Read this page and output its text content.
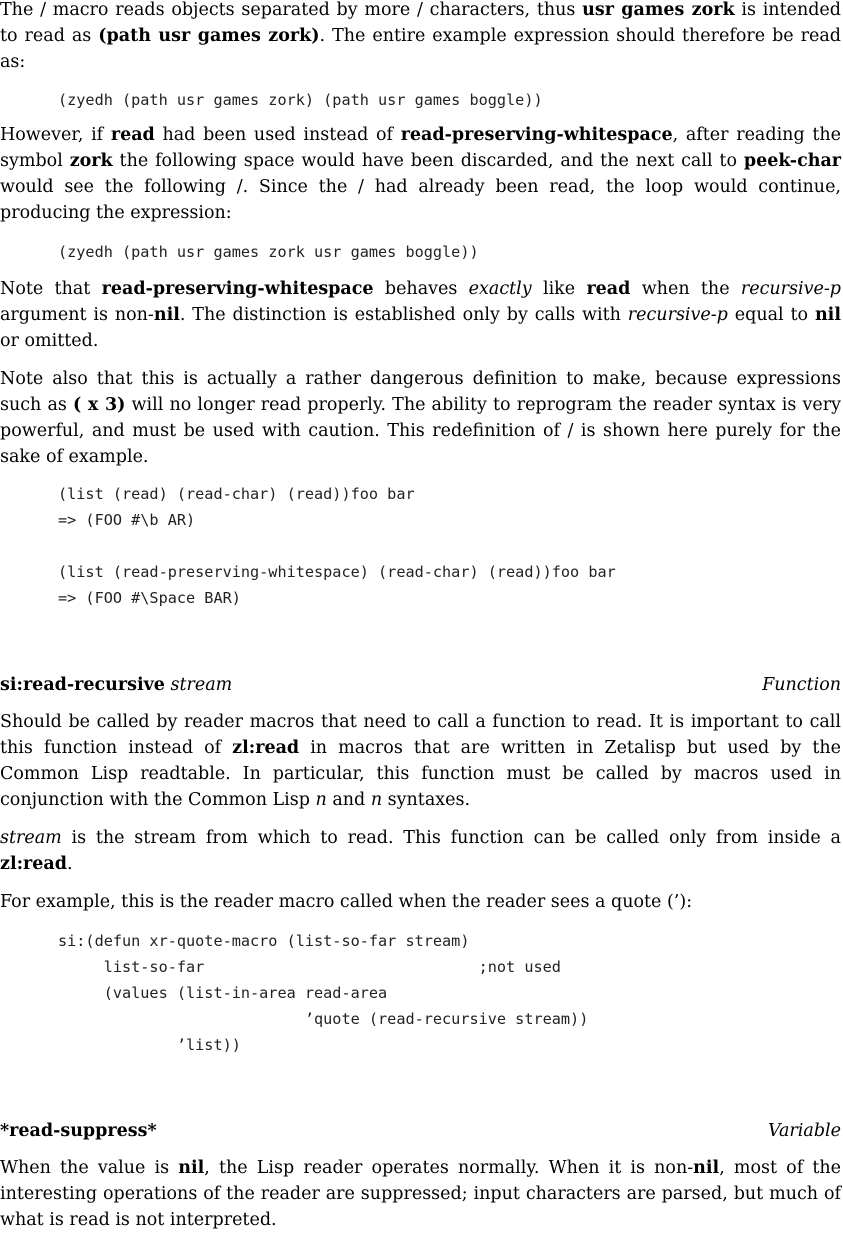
The / macro reads objects separated by more / characters, thus usr games zork is intended to read as (path usr games zork). The entire example expression should therefore be read as:

(zyedh (path usr games zork) (path usr games boggle))

However, if read had been used instead of read-preserving-whitespace, after reading the symbol zork the following space would have been discarded, and the next call to peek-char would see the following /. Since the / had already been read, the loop would continue, producing the expression:

(zyedh (path usr games zork usr games boggle))

Note that read-preserving-whitespace behaves exactly like read when the recursive-p argument is non-nil. The distinction is established only by calls with recursive-p equal to nil or omitted.

Note also that this is actually a rather dangerous definition to make, because expressions such as ( x 3) will no longer read properly. The ability to reprogram the reader syntax is very powerful, and must be used with caution. This redefinition of / is shown here purely for the sake of example.

(list (read) (read-char) (read))foo bar
=> (FOO #\b AR)

(list (read-preserving-whitespace) (read-char) (read))foo bar
=> (FOO #\Space BAR)
si:read-recursive stream	Function

Should be called by reader macros that need to call a function to read. It is important to call this function instead of zl:read in macros that are written in Zetalisp but used by the Common Lisp readtable. In particular, this function must be called by macros used in conjunction with the Common Lisp n and n syntaxes.

stream is the stream from which to read. This function can be called only from inside a zl:read.

For example, this is the reader macro called when the reader sees a quote (’):

si:(defun xr-quote-macro (list-so-far stream)
list-so-far                              ;not used
(values (list-in-area read-area
’quote (read-recursive stream))
’list))
*read-suppress*	Variable

When the value is nil, the Lisp reader operates normally. When it is non-nil, most of the interesting operations of the reader are suppressed; input characters are parsed, but much of what is read is not interpreted.
